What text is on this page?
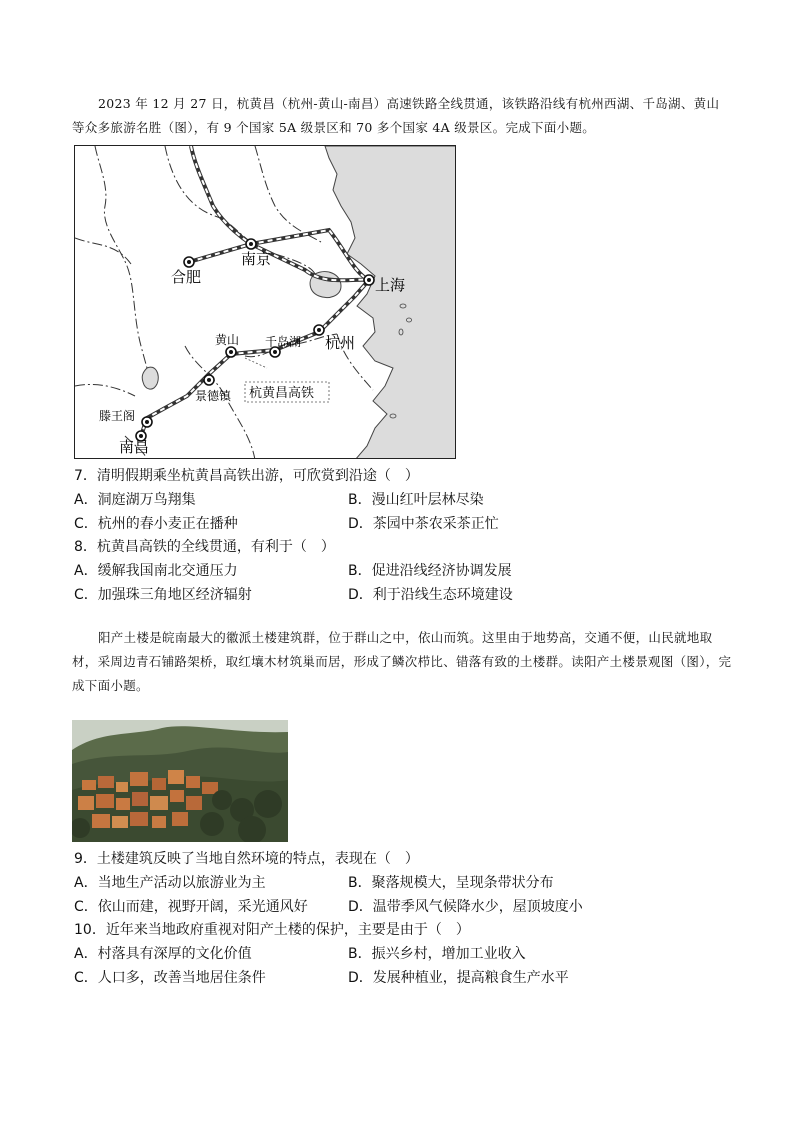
2023 年 12 月 27 日，杭黄昌（杭州-黄山-南昌）高速铁路全线贯通，该铁路沿线有杭州西湖、千岛湖、黄山等众多旅游名胜（图），有 9 个国家 5A 级景区和 70 多个国家 4A 级景区。完成下面小题。
合肥
南京
上海
杭州
黄山 千岛湖
景德镇
滕王阁
南昌
杭黄昌高铁
7．清明假期乘坐杭黄昌高铁出游，可欣赏到沿途（　）
A．洞庭湖万鸟翔集	B．漫山红叶层林尽染
C．杭州的春小麦正在播种	D．茶园中茶农采茶正忙
8．杭黄昌高铁的全线贯通，有利于（　）
A．缓解我国南北交通压力	B．促进沿线经济协调发展
C．加强珠三角地区经济辐射	D．利于沿线生态环境建设
阳产土楼是皖南最大的徽派土楼建筑群，位于群山之中，依山而筑。这里由于地势高，交通不便，山民就地取材，采周边青石铺路架桥，取红壤木材筑巢而居，形成了鳞次栉比、错落有致的土楼群。读阳产土楼景观图（图），完成下面小题。
9．土楼建筑反映了当地自然环境的特点，表现在（　）
A．当地生产活动以旅游业为主	B．聚落规模大，呈现条带状分布
C．依山而建，视野开阔，采光通风好	D．温带季风气候降水少，屋顶坡度小
10．近年来当地政府重视对阳产土楼的保护，主要是由于（　）
A．村落具有深厚的文化价值	B．振兴乡村，增加工业收入
C．人口多，改善当地居住条件	D．发展种植业，提高粮食生产水平
